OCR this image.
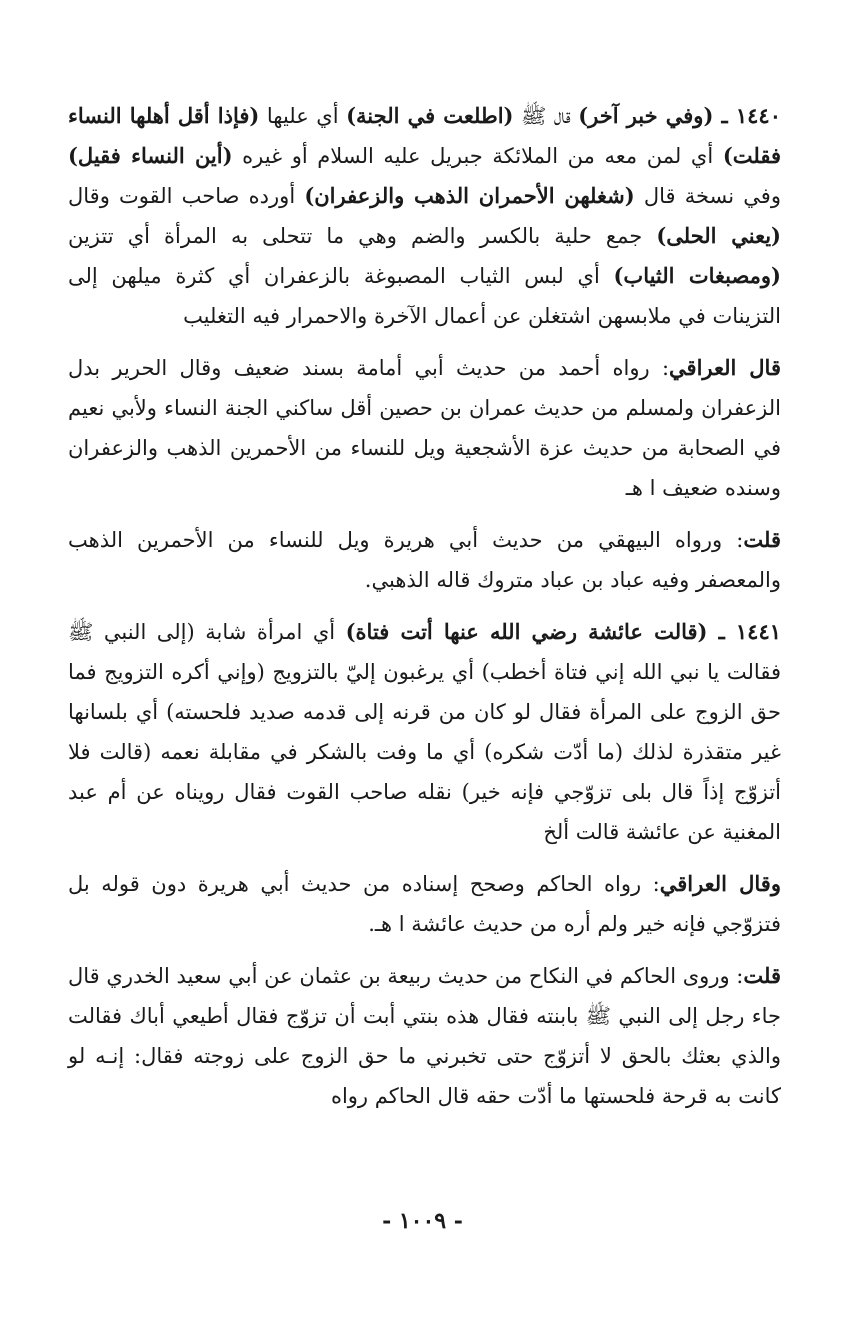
١٤٤٠ ـ (وفي خبر آخر) قال ﷺ (اطلعت في الجنة) أي عليها (فإذا أقل أهلها النساء فقلت) أي لمن معه من الملائكة جبريل عليه السلام أو غيره (أين النساء فقيل) وفي نسخة قال (شغلهن الأحمران الذهب والزعفران) أورده صاحب القوت وقال (يعني الحلى) جمع حلية بالكسر والضم وهي ما تتحلى به المرأة أي تتزين (ومصبغات الثياب) أي لبس الثياب المصبوغة بالزعفران أي كثرة ميلهن إلى التزينات في ملابسهن اشتغلن عن أعمال الآخرة والاحمرار فيه التغليب

قال العراقي: رواه أحمد من حديث أبي أمامة بسند ضعيف وقال الحرير بدل الزعفران ولمسلم من حديث عمران بن حصين أقل ساكني الجنة النساء ولأبي نعيم في الصحابة من حديث عزة الأشجعية ويل للنساء من الأحمرين الذهب والزعفران وسنده ضعيف ا هـ

قلت: ورواه البيهقي من حديث أبي هريرة ويل للنساء من الأحمرين الذهب والمعصفر وفيه عباد بن عباد متروك قاله الذهبي.

١٤٤١ ـ (قالت عائشة رضي الله عنها أتت فتاة) أي امرأة شابة (إلى النبي ﷺ فقالت يا نبي الله إني فتاة أخطب) أي يرغبون إليّ بالتزويج (وإني أكره التزويج فما حق الزوج على المرأة فقال لو كان من قرنه إلى قدمه صديد فلحسته) أي بلسانها غير متقذرة لذلك (ما أدّت شكره) أي ما وفت بالشكر في مقابلة نعمه (قالت فلا أتزوّج إذاً قال بلى تزوّجي فإنه خير) نقله صاحب القوت فقال رويناه عن أم عبد المغنية عن عائشة قالت ألخ

وقال العراقي: رواه الحاكم وصحح إسناده من حديث أبي هريرة دون قوله بل فتزوّجي فإنه خير ولم أره من حديث عائشة ا هـ.

قلت: وروى الحاكم في النكاح من حديث ربيعة بن عثمان عن أبي سعيد الخدري قال جاء رجل إلى النبي ﷺ بابنته فقال هذه بنتي أبت أن تزوّج فقال أطيعي أباك فقالت والذي بعثك بالحق لا أتزوّج حتى تخبرني ما حق الزوج على زوجته فقال: إنـه لو كانت به قرحة فلحستها ما أدّت حقه قال الحاكم رواه

- ١٠٠٩ -
